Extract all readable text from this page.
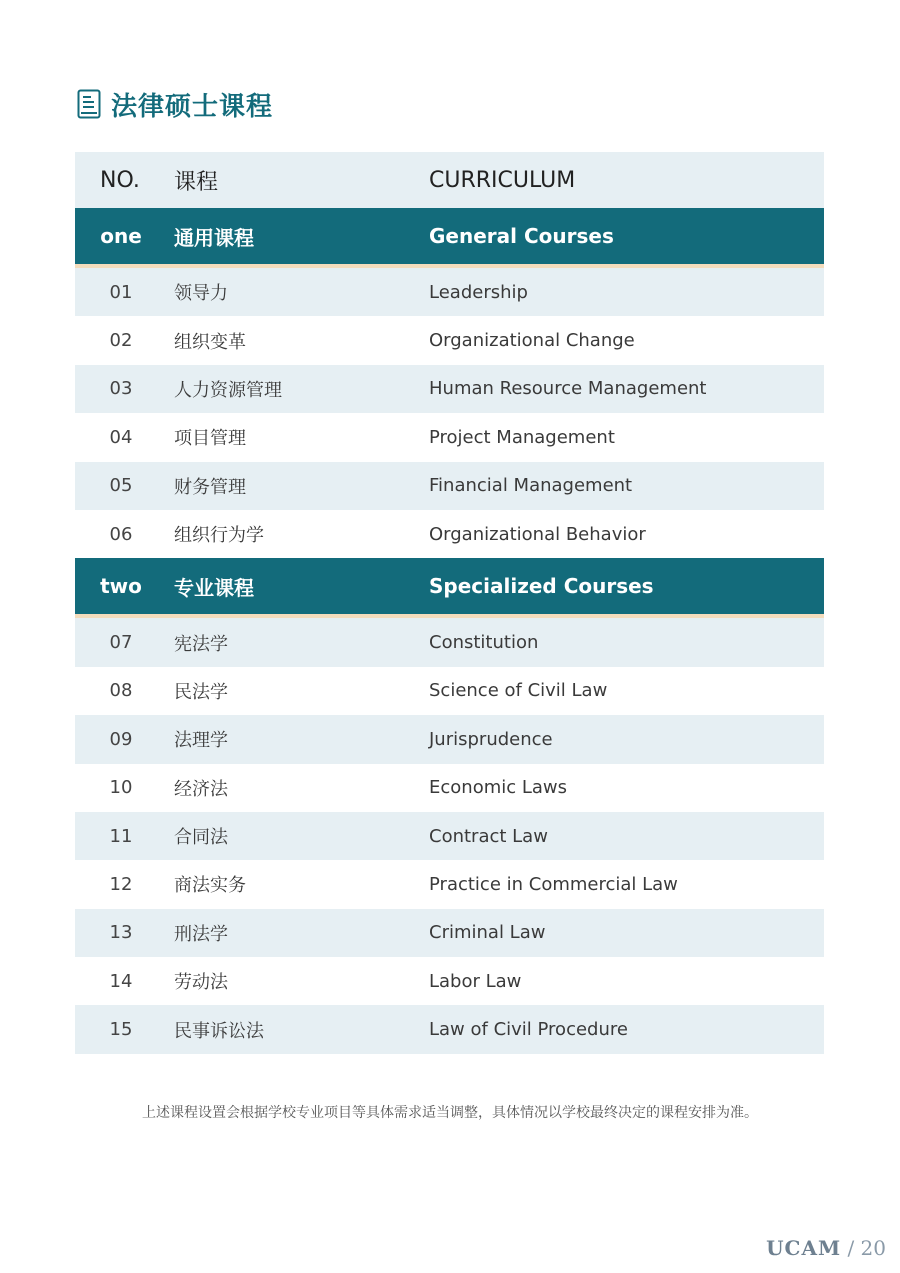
法律硕士课程
NO.	课程	CURRICULUM
one	通用课程	General Courses
01	领导力	Leadership
02	组织变革	Organizational Change
03	人力资源管理	Human Resource Management
04	项目管理	Project Management
05	财务管理	Financial Management
06	组织行为学	Organizational Behavior
two	专业课程	Specialized Courses
07	宪法学	Constitution
08	民法学	Science of Civil Law
09	法理学	Jurisprudence
10	经济法	Economic Laws
11	合同法	Contract Law
12	商法实务	Practice in Commercial Law
13	刑法学	Criminal Law
14	劳动法	Labor Law
15	民事诉讼法	Law of Civil Procedure
上述课程设置会根据学校专业项目等具体需求适当调整，具体情况以学校最终决定的课程安排为准。
UCAM / 20
